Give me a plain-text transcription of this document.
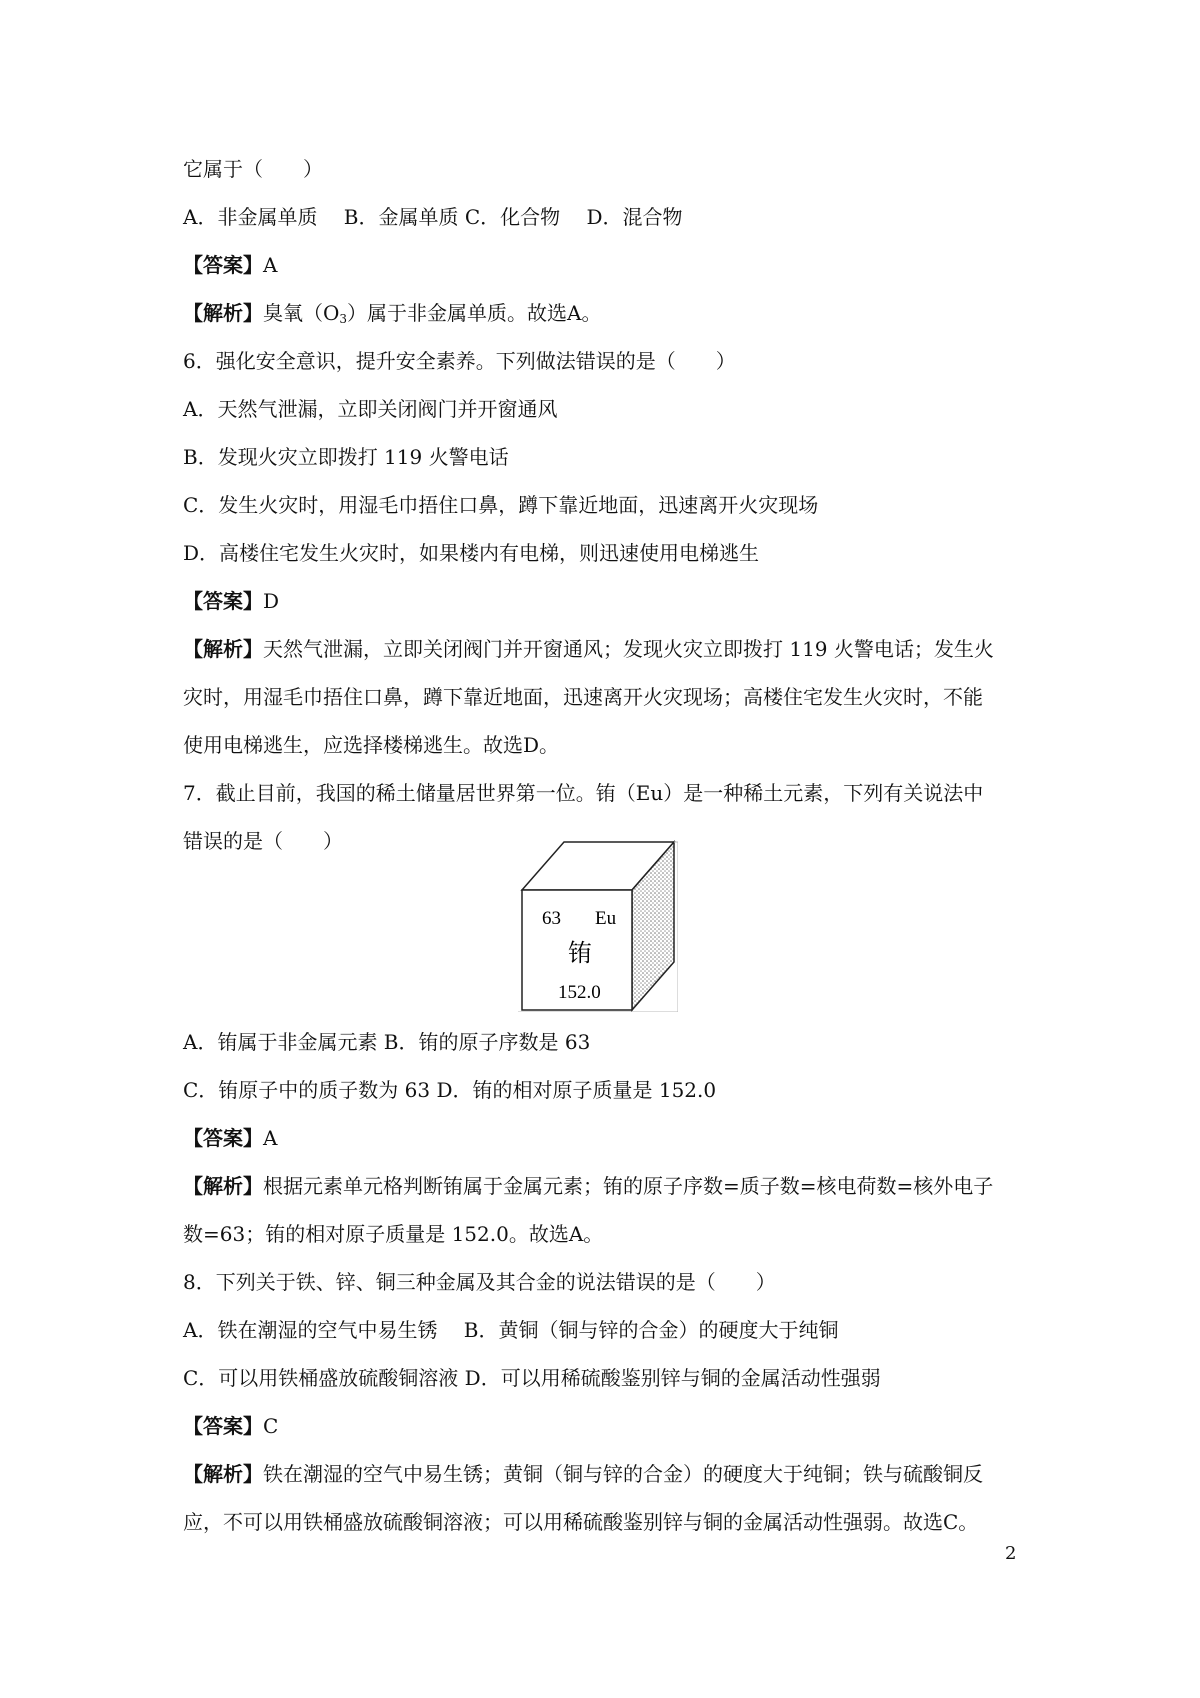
它属于（　　）
A．非金属单质　 B．金属单质 C．化合物　 D．混合物
【答案】A
【解析】臭氧$(O_3)$属于非金属单质。故选A。
6．强化安全意识，提升安全素养。下列做法错误的是（　　）
A．天然气泄漏，立即关闭阀门并开窗通风
B．发现火灾立即拨打 119 火警电话
C．发生火灾时，用湿毛巾捂住口鼻，蹲下靠近地面，迅速离开火灾现场
D．高楼住宅发生火灾时，如果楼内有电梯，则迅速使用电梯逃生
【答案】D
【解析】天然气泄漏，立即关闭阀门并开窗通风；发现火灾立即拨打 119 火警电话；发生火
灾时，用湿毛巾捂住口鼻，蹲下靠近地面，迅速离开火灾现场；高楼住宅发生火灾时，不能
使用电梯逃生，应选择楼梯逃生。故选D。
7．截止目前，我国的稀土储量居世界第一位。铕（Eu）是一种稀土元素，下列有关说法中
错误的是（　　）
63 Eu
铕
152.0
A．铕属于非金属元素 B．铕的原子序数是 63
C．铕原子中的质子数为 63 D．铕的相对原子质量是 152.0
【答案】A
【解析】根据元素单元格判断铕属于金属元素；铕的原子序数=质子数=核电荷数=核外电子
数=63；铕的相对原子质量是 152.0。故选A。
8．下列关于铁、锌、铜三种金属及其合金的说法错误的是（　　）
A．铁在潮湿的空气中易生锈　 B．黄铜（铜与锌的合金）的硬度大于纯铜
C．可以用铁桶盛放硫酸铜溶液 D．可以用稀硫酸鉴别锌与铜的金属活动性强弱
【答案】C
【解析】铁在潮湿的空气中易生锈；黄铜（铜与锌的合金）的硬度大于纯铜；铁与硫酸铜反
应，不可以用铁桶盛放硫酸铜溶液；可以用稀硫酸鉴别锌与铜的金属活动性强弱。故选C。
2
